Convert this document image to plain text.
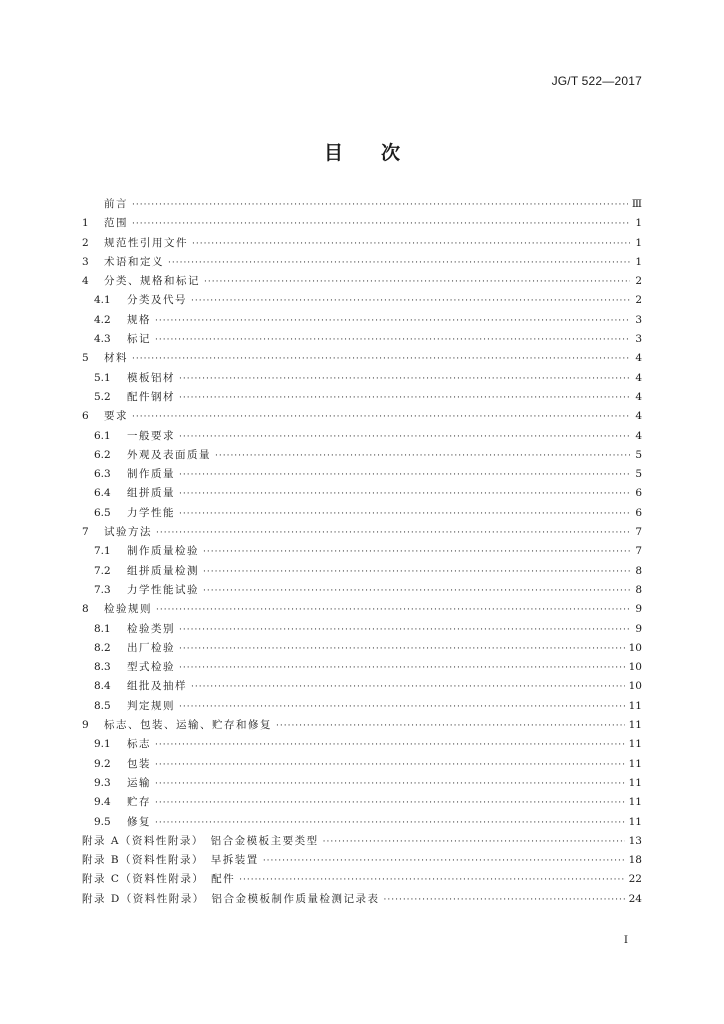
JG/T 522—2017
目次
前言 ·····	Ⅲ
1	范围 ·····	1
2	规范性引用文件 ·····	1
3	术语和定义 ·····	1
4	分类、规格和标记 ·····	2
4.1	分类及代号 ·····	2
4.2	规格 ·····	3
4.3	标记 ·····	3
5	材料 ·····	4
5.1	模板铝材 ·····	4
5.2	配件钢材 ·····	4
6	要求 ·····	4
6.1	一般要求 ·····	4
6.2	外观及表面质量 ·····	5
6.3	制作质量 ·····	5
6.4	组拼质量 ·····	6
6.5	力学性能 ·····	6
7	试验方法 ·····	7
7.1	制作质量检验 ·····	7
7.2	组拼质量检测 ·····	8
7.3	力学性能试验 ·····	8
8	检验规则 ·····	9
8.1	检验类别 ·····	9
8.2	出厂检验 ·····	10
8.3	型式检验 ·····	10
8.4	组批及抽样 ·····	10
8.5	判定规则 ·····	11
9	标志、包装、运输、贮存和修复 ·····	11
9.1	标志 ·····	11
9.2	包装 ·····	11
9.3	运输 ·····	11
9.4	贮存 ·····	11
9.5	修复 ·····	11
附录 A（资料性附录）　铝合金模板主要类型 ·····	13
附录 B（资料性附录）　早拆装置 ·····	18
附录 C（资料性附录）　配件 ·····	22
附录 D（资料性附录）　铝合金模板制作质量检测记录表 ·····	24
Ⅰ
